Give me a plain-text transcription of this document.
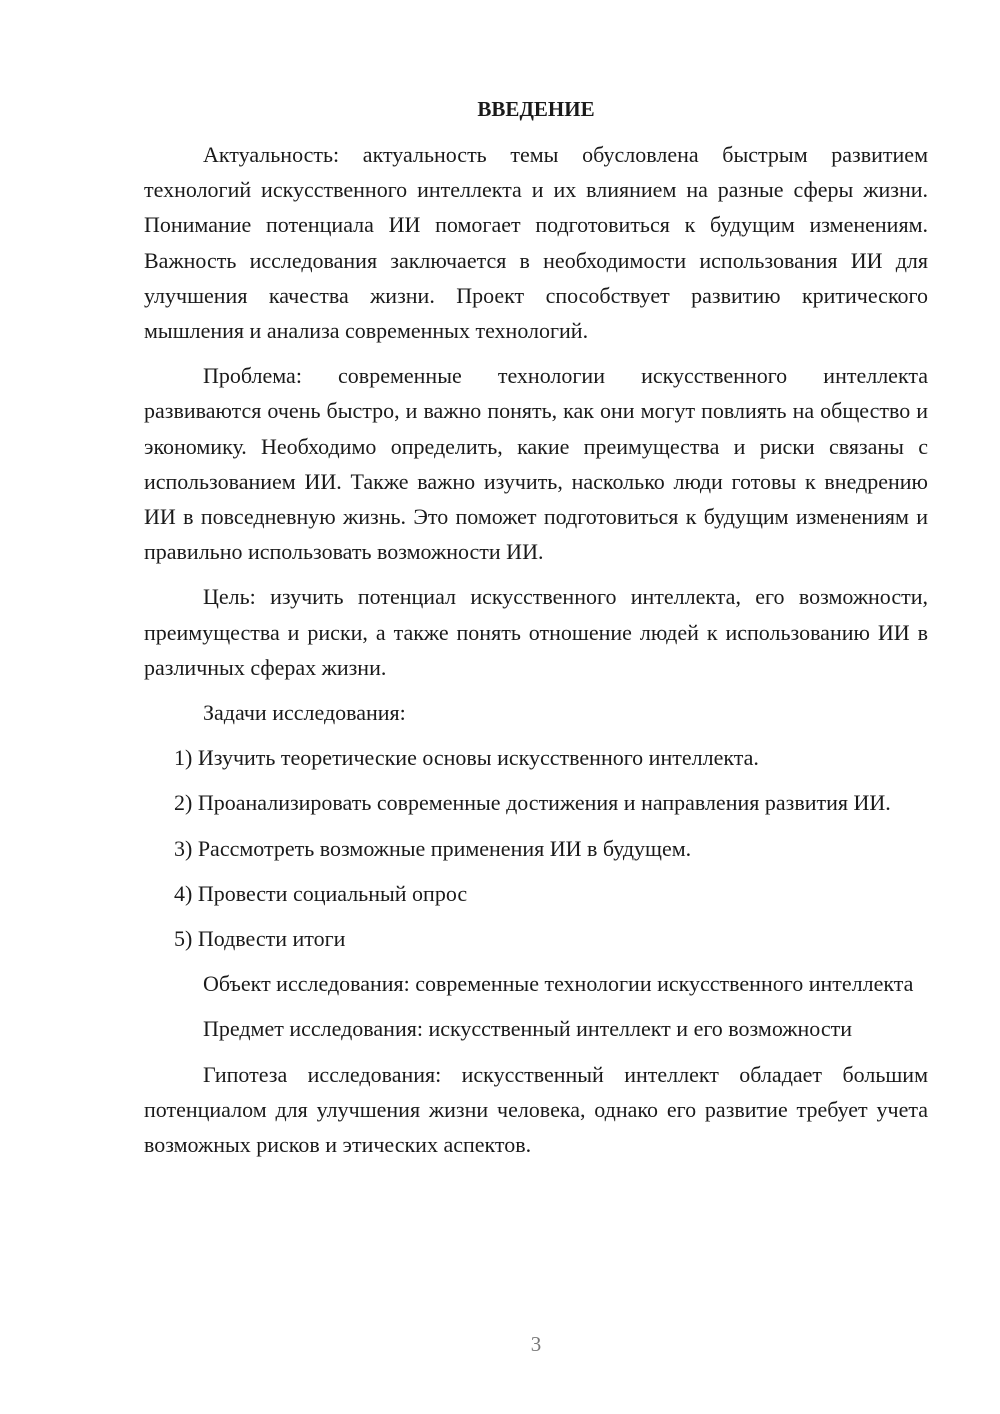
ВВЕДЕНИЕ

Актуальность: актуальность темы обусловлена быстрым развитием технологий искусственного интеллекта и их влиянием на разные сферы жизни. Понимание потенциала ИИ помогает подготовиться к будущим изменениям. Важность исследования заключается в необходимости использования ИИ для улучшения качества жизни. Проект способствует развитию критического мышления и анализа современных технологий.

Проблема: современные технологии искусственного интеллекта развиваются очень быстро, и важно понять, как они могут повлиять на общество и экономику. Необходимо определить, какие преимущества и риски связаны с использованием ИИ. Также важно изучить, насколько люди готовы к внедрению ИИ в повседневную жизнь. Это поможет подготовиться к будущим изменениям и правильно использовать возможности ИИ.

Цель: изучить потенциал искусственного интеллекта, его возможности, преимущества и риски, а также понять отношение людей к использованию ИИ в различных сферах жизни.

Задачи исследования:

1) Изучить теоретические основы искусственного интеллекта.

2) Проанализировать современные достижения и направления развития ИИ.

3) Рассмотреть возможные применения ИИ в будущем.

4) Провести социальный опрос

5) Подвести итоги

Объект исследования: современные технологии искусственного интеллекта

Предмет исследования: искусственный интеллект и его возможности

Гипотеза исследования: искусственный интеллект обладает большим потенциалом для улучшения жизни человека, однако его развитие требует учета возможных рисков и этических аспектов.

3
